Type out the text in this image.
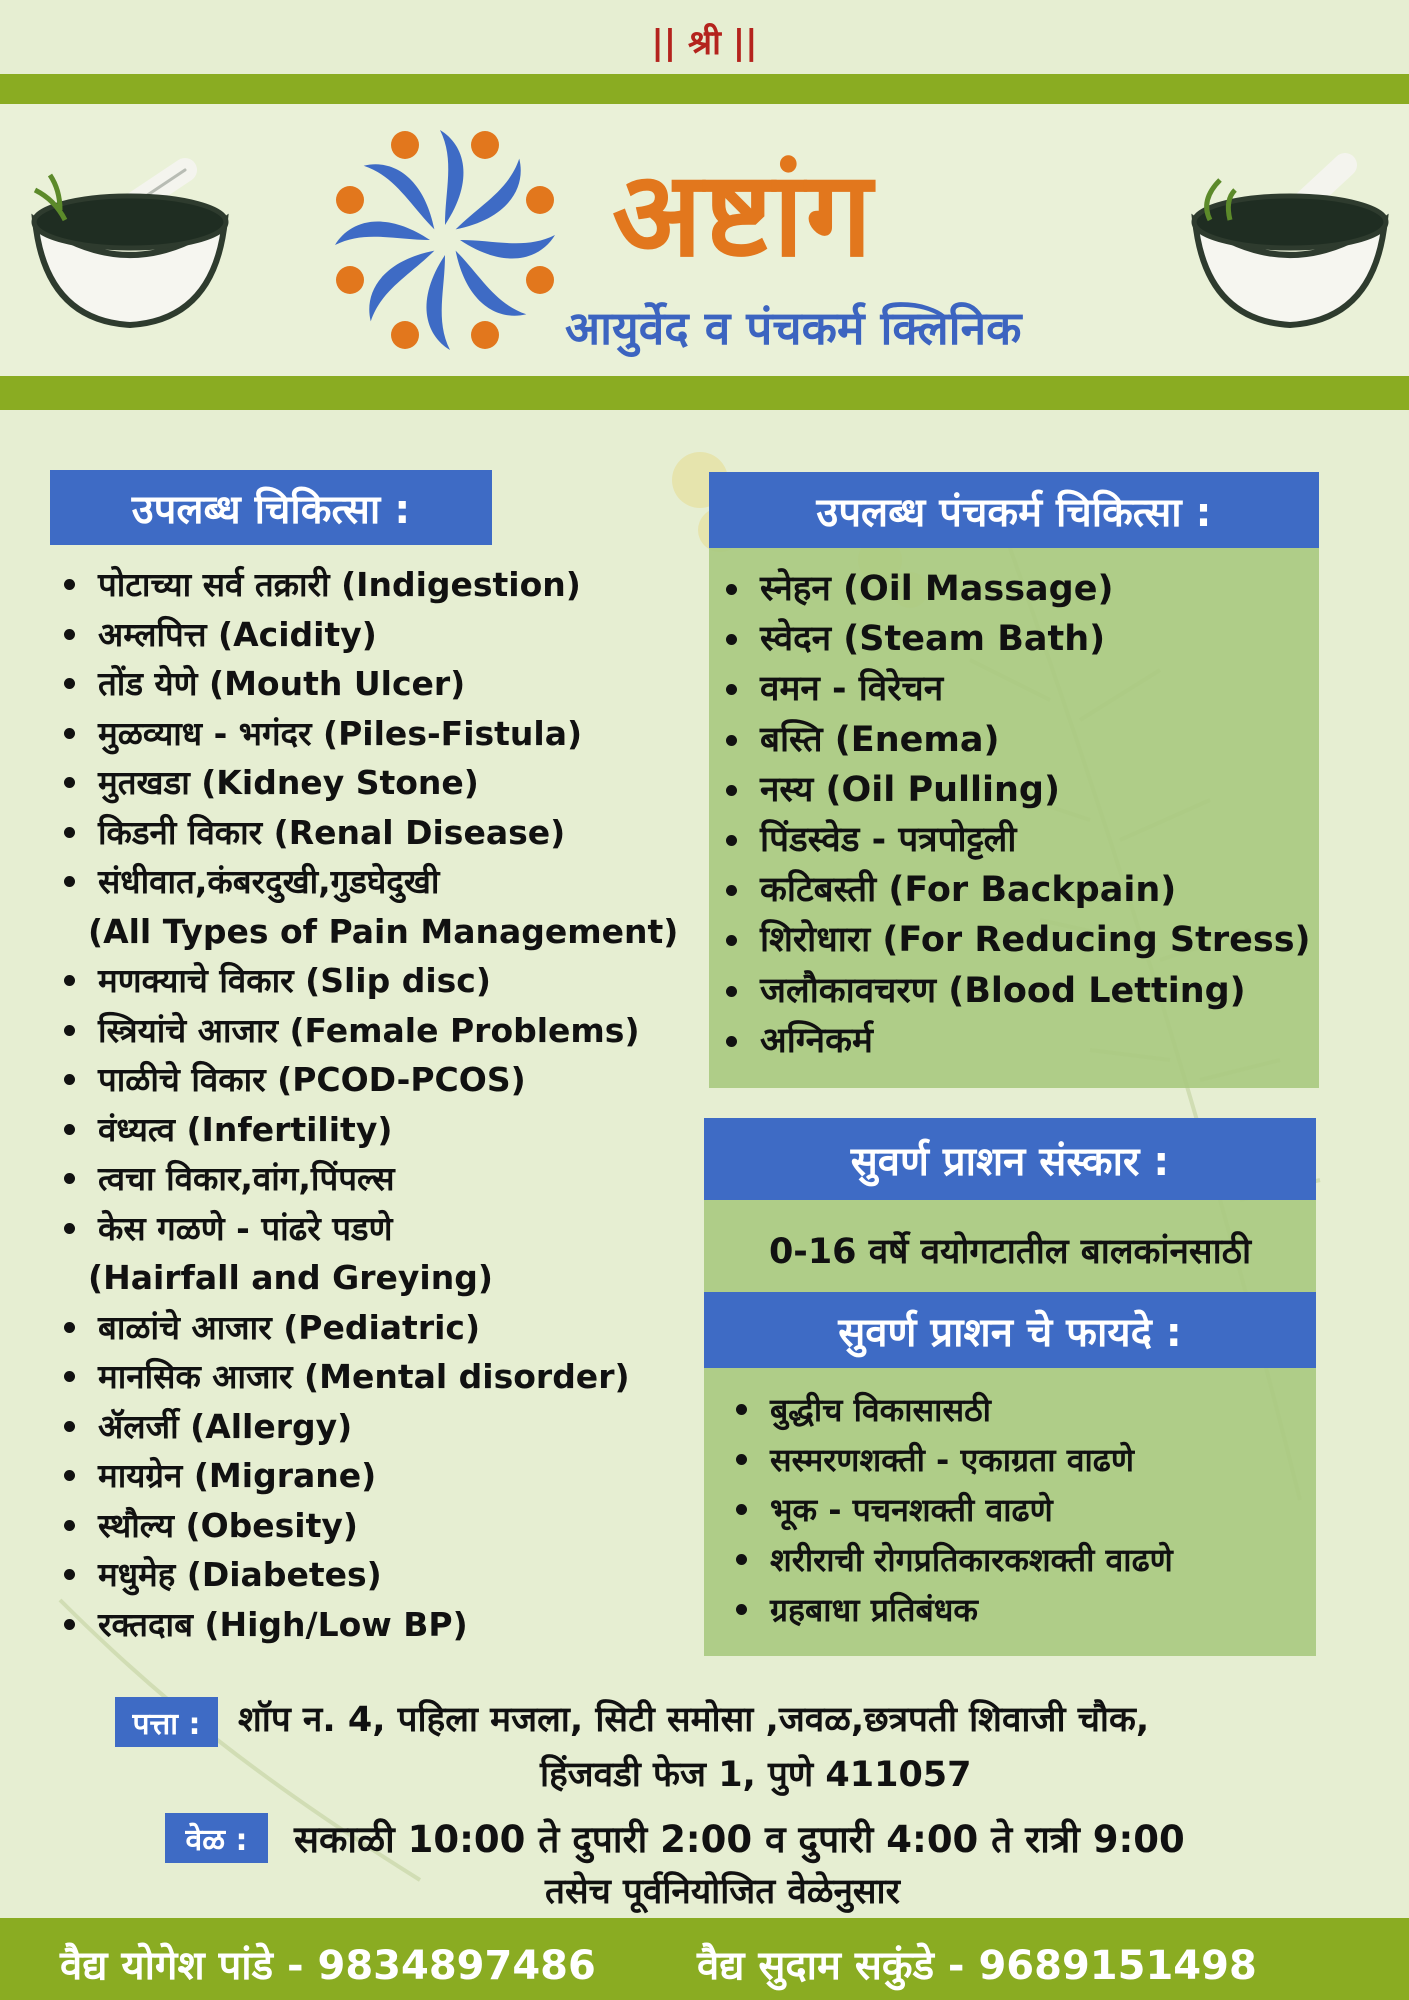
|| श्री ||
अष्टांग
आयुर्वेद व पंचकर्म क्लिनिक
उपलब्ध चिकित्सा :
पोटाच्या सर्व तक्रारी (Indigestion)
अम्लपित्त (Acidity)
तोंड येणे (Mouth Ulcer)
मुळव्याध - भगंदर (Piles-Fistula)
मुतखडा (Kidney Stone)
किडनी विकार (Renal Disease)
संधीवात,कंबरदुखी,गुडघेदुखी
(All Types of Pain Management)
मणक्याचे विकार (Slip disc)
स्त्रियांचे आजार (Female Problems)
पाळीचे विकार (PCOD-PCOS)
वंध्यत्व (Infertility)
त्वचा विकार,वांग,पिंपल्स
केस गळणे - पांढरे पडणे
(Hairfall and Greying)
बाळांचे आजार (Pediatric)
मानसिक आजार (Mental disorder)
ॲलर्जी (Allergy)
मायग्रेन (Migrane)
स्थौल्य (Obesity)
मधुमेह (Diabetes)
रक्तदाब (High/Low BP)
उपलब्ध पंचकर्म चिकित्सा :
स्नेहन (Oil Massage)
स्वेदन (Steam Bath)
वमन - विरेचन
बस्ति (Enema)
नस्य (Oil Pulling)
पिंडस्वेड - पत्रपोट्टली
कटिबस्ती (For Backpain)
शिरोधारा (For Reducing Stress)
जलौकावचरण (Blood Letting)
अग्निकर्म
सुवर्ण प्राशन संस्कार :
0-16 वर्षे वयोगटातील बालकांनसाठी
सुवर्ण प्राशन चे फायदे :
बुद्धीच विकासासठी
सस्मरणशक्ती - एकाग्रता वाढणे
भूक - पचनशक्ती वाढणे
शरीराची रोगप्रतिकारकशक्ती वाढणे
ग्रहबाधा प्रतिबंधक
पत्ता :	शॉप न. 4, पहिला मजला, सिटी समोसा ,जवळ,छत्रपती शिवाजी चौक,
हिंजवडी फेज 1, पुणे 411057
वेळ :	सकाळी 10:00 ते दुपारी 2:00 व दुपारी 4:00 ते रात्री 9:00
तसेच पूर्वनियोजित वेळेनुसार
वैद्य योगेश पांडे - 9834897486	वैद्य सुदाम सकुंडे - 9689151498
